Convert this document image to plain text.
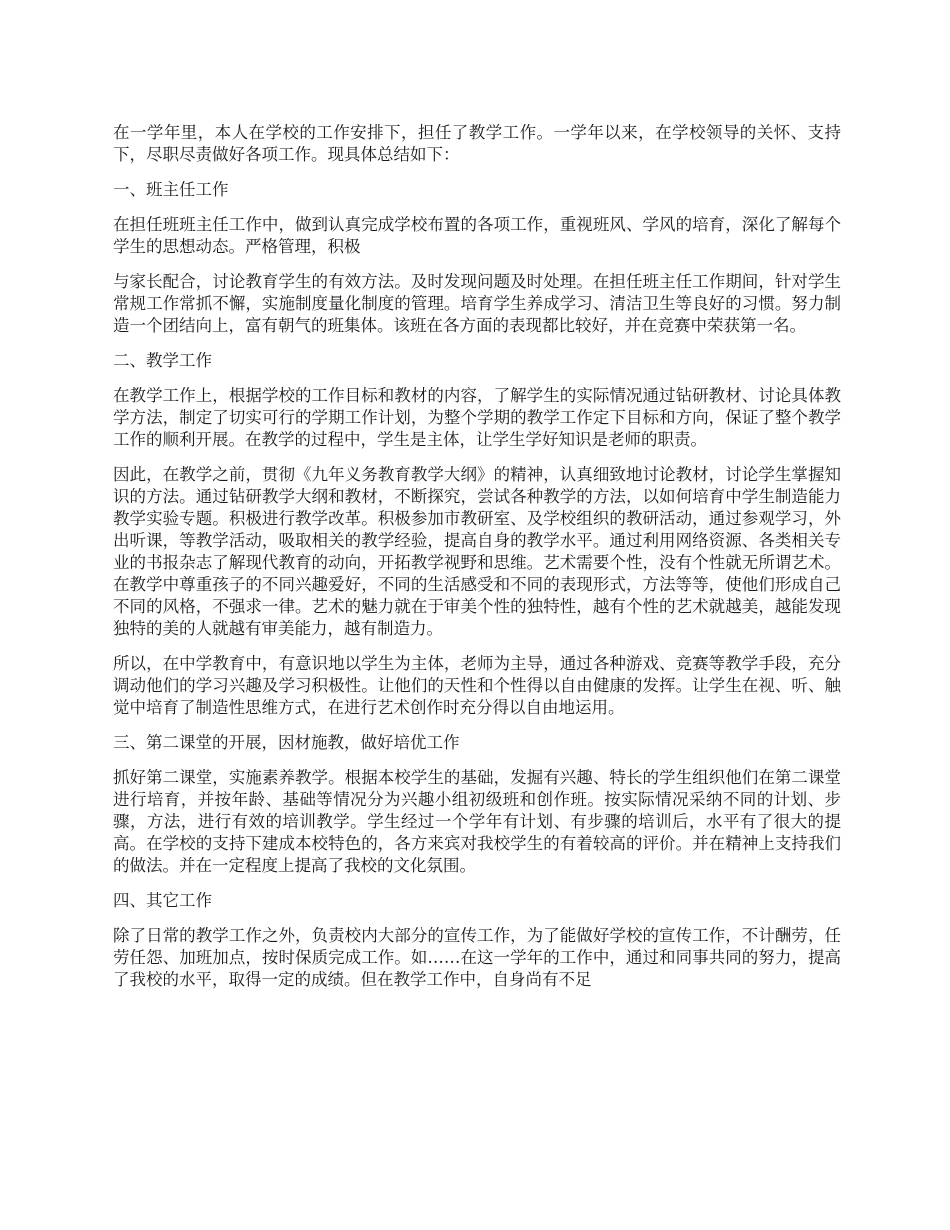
在一学年里，本人在学校的工作安排下，担任了教学工作。一学年以来，在学校领导的关怀、支持下，尽职尽责做好各项工作。现具体总结如下：

一、班主任工作

在担任班班主任工作中，做到认真完成学校布置的各项工作，重视班风、学风的培育，深化了解每个学生的思想动态。严格管理，积极

与家长配合，讨论教育学生的有效方法。及时发现问题及时处理。在担任班主任工作期间，针对学生常规工作常抓不懈，实施制度量化制度的管理。培育学生养成学习、清洁卫生等良好的习惯。努力制造一个团结向上，富有朝气的班集体。该班在各方面的表现都比较好，并在竞赛中荣获第一名。

二、教学工作

在教学工作上，根据学校的工作目标和教材的内容，了解学生的实际情况通过钻研教材、讨论具体教学方法，制定了切实可行的学期工作计划，为整个学期的教学工作定下目标和方向，保证了整个教学工作的顺利开展。在教学的过程中，学生是主体，让学生学好知识是老师的职责。

因此，在教学之前，贯彻《九年义务教育教学大纲》的精神，认真细致地讨论教材，讨论学生掌握知识的方法。通过钻研教学大纲和教材，不断探究，尝试各种教学的方法，以如何培育中学生制造能力教学实验专题。积极进行教学改革。积极参加市教研室、及学校组织的教研活动，通过参观学习，外出听课，等教学活动，吸取相关的教学经验，提高自身的教学水平。通过利用网络资源、各类相关专业的书报杂志了解现代教育的动向，开拓教学视野和思维。艺术需要个性，没有个性就无所谓艺术。在教学中尊重孩子的不同兴趣爱好，不同的生活感受和不同的表现形式，方法等等，使他们形成自己不同的风格，不强求一律。艺术的魅力就在于审美个性的独特性，越有个性的艺术就越美，越能发现独特的美的人就越有审美能力，越有制造力。

所以，在中学教育中，有意识地以学生为主体，老师为主导，通过各种游戏、竞赛等教学手段，充分调动他们的学习兴趣及学习积极性。让他们的天性和个性得以自由健康的发挥。让学生在视、听、触觉中培育了制造性思维方式，在进行艺术创作时充分得以自由地运用。

三、第二课堂的开展，因材施教，做好培优工作

抓好第二课堂，实施素养教学。根据本校学生的基础，发掘有兴趣、特长的学生组织他们在第二课堂进行培育，并按年龄、基础等情况分为兴趣小组初级班和创作班。按实际情况采纳不同的计划、步骤，方法，进行有效的培训教学。学生经过一个学年有计划、有步骤的培训后，水平有了很大的提高。在学校的支持下建成本校特色的，各方来宾对我校学生的有着较高的评价。并在精神上支持我们的做法。并在一定程度上提高了我校的文化氛围。

四、其它工作

除了日常的教学工作之外，负责校内大部分的宣传工作，为了能做好学校的宣传工作，不计酬劳，任劳任怨、加班加点，按时保质完成工作。如……在这一学年的工作中，通过和同事共同的努力，提高了我校的水平，取得一定的成绩。但在教学工作中，自身尚有不足
